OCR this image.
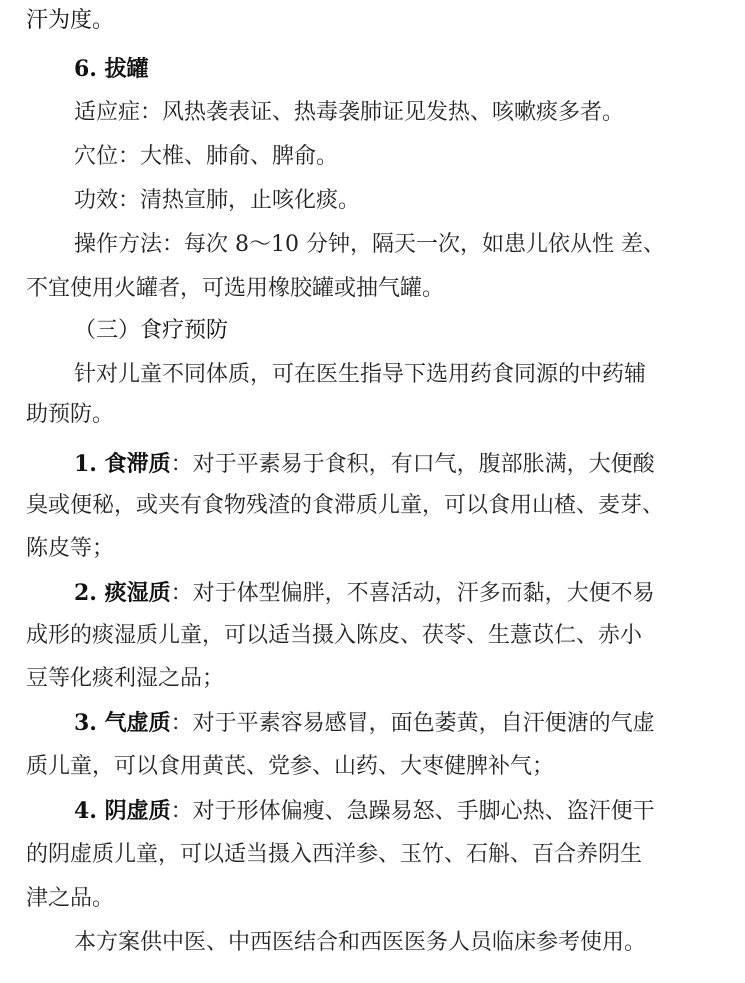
汗为度。
6. 拔罐
适应症：风热袭表证、热毒袭肺证见发热、咳嗽痰多者。
穴位：大椎、肺俞、脾俞。
功效：清热宣肺，止咳化痰。
操作方法：每次 8～10 分钟，隔天一次，如患儿依从性 差、
不宜使用火罐者，可选用橡胶罐或抽气罐。
（三）食疗预防
针对儿童不同体质，可在医生指导下选用药食同源的中药辅
助预防。
1. 食滞质：对于平素易于食积，有口气，腹部胀满，大便酸
臭或便秘，或夹有食物残渣的食滞质儿童，可以食用山楂、麦芽、
陈皮等；
2. 痰湿质：对于体型偏胖，不喜活动，汗多而黏，大便不易
成形的痰湿质儿童，可以适当摄入陈皮、茯苓、生薏苡仁、赤小
豆等化痰利湿之品；
3. 气虚质：对于平素容易感冒，面色萎黄，自汗便溏的气虚
质儿童，可以食用黄芪、党参、山药、大枣健脾补气；
4. 阴虚质：对于形体偏瘦、急躁易怒、手脚心热、盗汗便干
的阴虚质儿童，可以适当摄入西洋参、玉竹、石斛、百合养阴生
津之品。
本方案供中医、中西医结合和西医医务人员临床参考使用。
